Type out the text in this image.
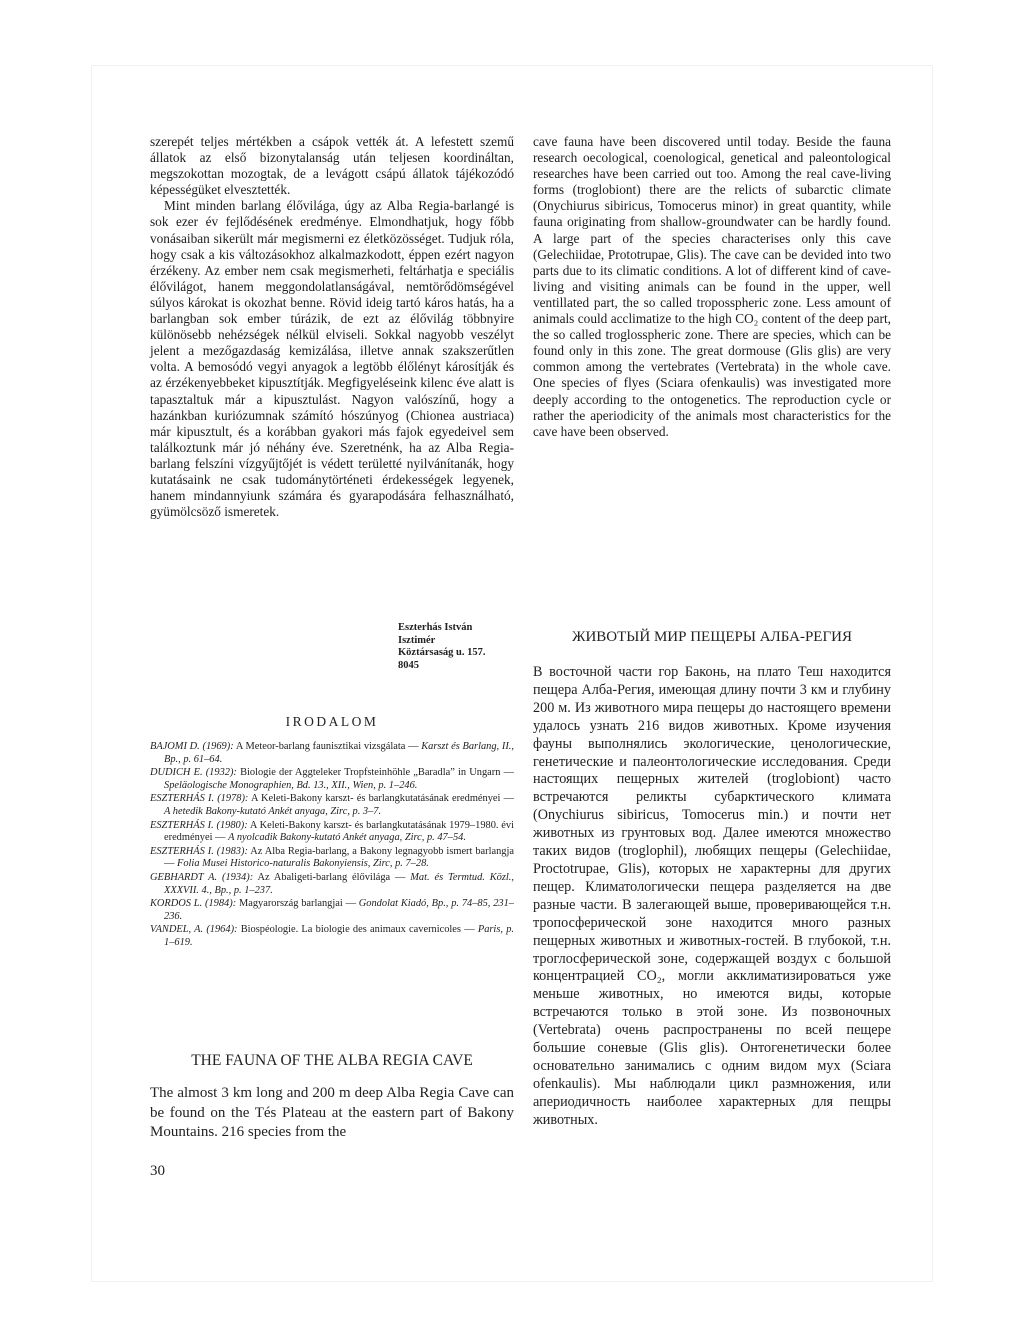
szerepét teljes mértékben a csápok vették át. A lefestett szemű állatok az első bizonytalanság után teljesen koordináltan, megszokottan mozogtak, de a levágott csápú állatok tájékozódó képességüket elvesztették.

Mint minden barlang élővilága, úgy az Alba Regia-barlangé is sok ezer év fejlődésének eredménye. Elmondhatjuk, hogy főbb vonásaiban sikerült már megismerni ez életközösséget. Tudjuk róla, hogy csak a kis változásokhoz alkalmazkodott, éppen ezért nagyon érzékeny. Az ember nem csak megismerheti, feltárhatja e speciális élővilágot, hanem meggondolatlanságával, nemtörődömségével súlyos károkat is okozhat benne. Rövid ideig tartó káros hatás, ha a barlangban sok ember túrázik, de ezt az élővilág többnyire különösebb nehézségek nélkül elviseli. Sokkal nagyobb veszélyt jelent a mezőgazdaság kemizálása, illetve annak szakszerűtlen volta. A bemosódó vegyi anyagok a legtöbb élőlényt károsítják és az érzékenyebbeket kipusztítják. Megfigyeléseink kilenc éve alatt is tapasztaltuk már a kipusztulást. Nagyon valószínű, hogy a hazánkban kuriózumnak számító hószúnyog (Chionea austriaca) már kipusztult, és a korábban gyakori más fajok egyedeivel sem találkoztunk már jó néhány éve. Szeretnénk, ha az Alba Regia-barlang felszíni vízgyűjtőjét is védett területté nyilvánítanák, hogy kutatásaink ne csak tudománytörténeti érdekességek legyenek, hanem mindannyiunk számára és gyarapodására felhasználható, gyümölcsöző ismeretek.

Eszterhás István
Isztimér
Köztársaság u. 157.
8045
IRODALOM
BAJOMI D. (1969): A Meteor-barlang faunisztikai vizsgálata — Karszt és Barlang, II., Bp., p. 61–64.
DUDICH E. (1932): Biologie der Aggteleker Tropfsteinhöhle „Baradla” in Ungarn — Speläologische Monographien, Bd. 13., XII., Wien, p. 1–246.
ESZTERHÁS I. (1978): A Keleti-Bakony karszt- és barlangkutatásának eredményei — A hetedik Bakony-kutató Ankét anyaga, Zirc, p. 3–7.
ESZTERHÁS I. (1980): A Keleti-Bakony karszt- és barlangkutatásának 1979–1980. évi eredményei — A nyolcadik Bakony-kutató Ankét anyaga, Zirc, p. 47–54.
ESZTERHÁS I. (1983): Az Alba Regia-barlang, a Bakony legnagyobb ismert barlangja — Folia Musei Historico-naturalis Bakonyiensis, Zirc, p. 7–28.
GEBHARDT A. (1934): Az Abaligeti-barlang élővilága — Mat. és Termtud. Közl., XXXVII. 4., Bp., p. 1–237.
KORDOS L. (1984): Magyarország barlangjai — Gondolat Kiadó, Bp., p. 74–85, 231–236.
VANDEL, A. (1964): Biospéologie. La biologie des animaux cavernicoles — Paris, p. 1–619.
THE FAUNA OF THE ALBA REGIA CAVE
The almost 3 km long and 200 m deep Alba Regia Cave can be found on the Tés Plateau at the eastern part of Bakony Mountains. 216 species from the

cave fauna have been discovered until today. Beside the fauna research oecological, coenological, genetical and paleontological researches have been carried out too. Among the real cave-living forms (troglobiont) there are the relicts of subarctic climate (Onychiurus sibiricus, Tomocerus minor) in great quantity, while fauna originating from shallow-groundwater can be hardly found. A large part of the species characterises only this cave (Gelechiidae, Prototrupae, Glis). The cave can be devided into two parts due to its climatic conditions. A lot of different kind of cave-living and visiting animals can be found in the upper, well ventillated part, the so called troposspheric zone. Less amount of animals could acclimatize to the high CO₂ content of the deep part, the so called troglosspheric zone. There are species, which can be found only in this zone. The great dormouse (Glis glis) are very common among the vertebrates (Vertebrata) in the whole cave. One species of flyes (Sciara ofenkaulis) was investigated more deeply according to the ontogenetics. The reproduction cycle or rather the aperiodicity of the animals most characteristics for the cave have been observed.

ЖИВОТЫЙ МИР ПЕЩЕРЫ АЛБА-РЕГИЯ
В восточной части гор Баконь, на плато Теш находится пещера Алба-Регия, имеющая длину почти 3 км и глубину 200 м. Из животного мира пещеры до настоящего времени удалось узнать 216 видов животных. Кроме изучения фауны выполнялись экологические, ценологические, генетические и палеонтологические исследования. Среди настоящих пещерных жителей (troglobiont) часто встречаются реликты субарктического климата (Onychiurus sibiricus, Tomocerus min.) и почти нет животных из грунтовых вод. Далее имеются множество таких видов (troglophil), любящих пещеры (Gelechiidae, Proctotrupae, Glis), которых не характерны для других пещер. Климатологически пещера разделяется на две разные части. В залегающей выше, проверивающейся т.н. тропосферической зоне находится много разных пещерных животных и животных-гостей. В глубокой, т.н. троглосферической зоне, содержащей воздух с большой концентрацией CO₂, могли акклиматизироваться уже меньше животных, но имеются виды, которые встречаются только в этой зоне. Из позвоночных (Vertebrata) очень распространены по всей пещере большие соневые (Glis glis). Онтогенетически более основательно занимались с одним видом мух (Sciara ofenkaulis). Мы наблюдали цикл размножения, или апериодичность наиболее характерных для пещры животных.
30
